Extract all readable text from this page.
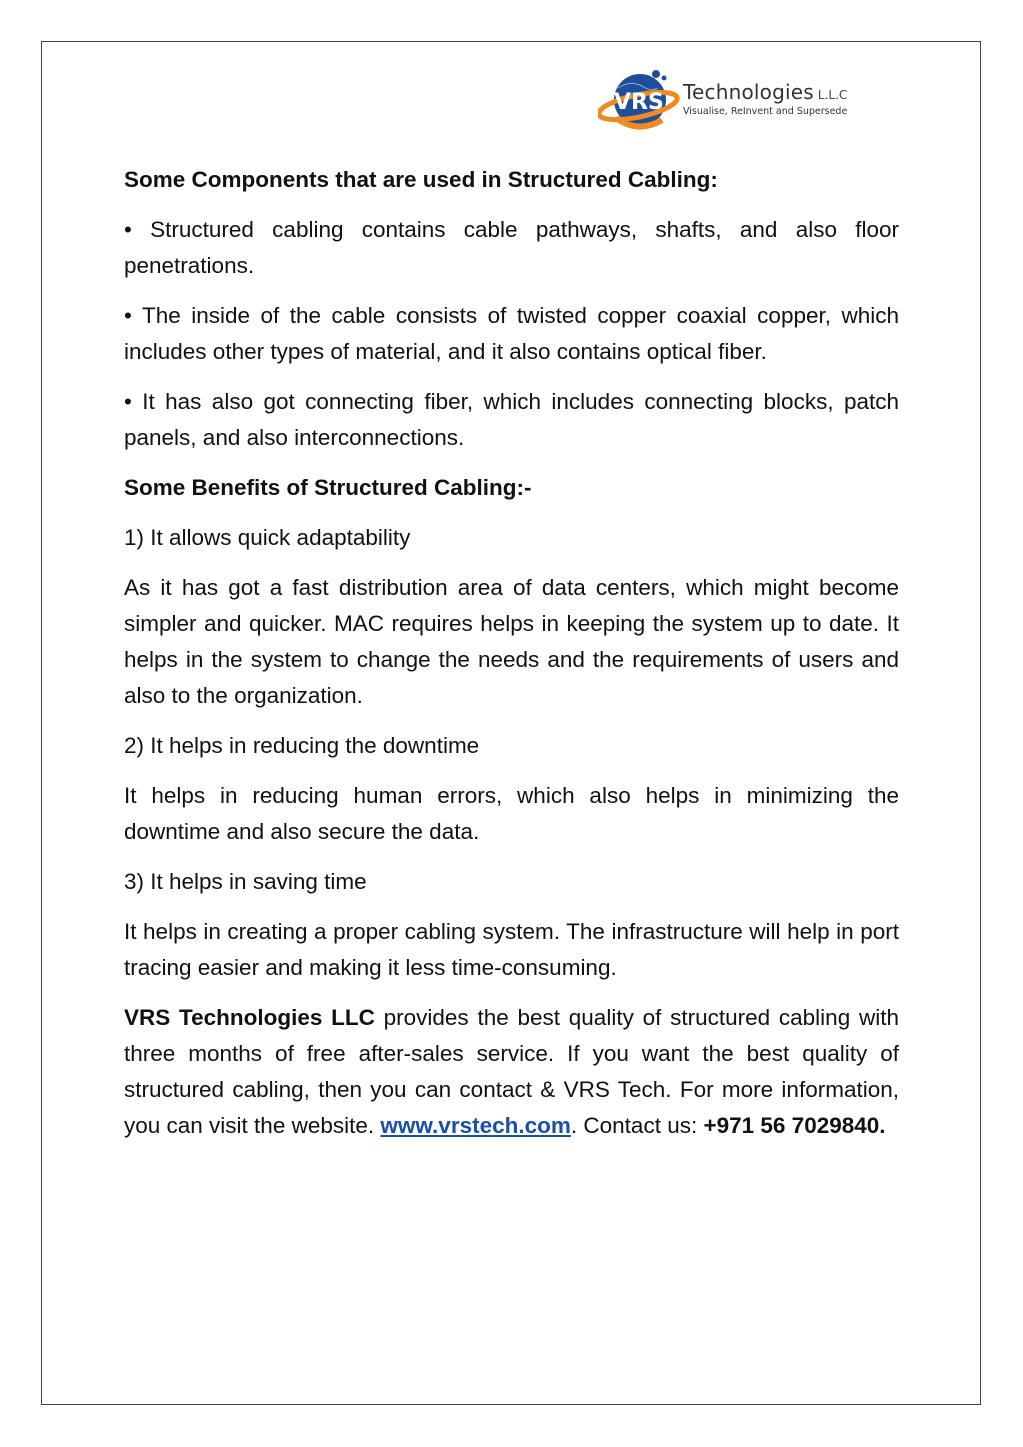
VRS Technologies L.L.C
Visualise, ReInvent and Supersede

Some Components that are used in Structured Cabling:

• Structured cabling contains cable pathways, shafts, and also floor penetrations.

• The inside of the cable consists of twisted copper coaxial copper, which includes other types of material, and it also contains optical fiber.

• It has also got connecting fiber, which includes connecting blocks, patch panels, and also interconnections.

Some Benefits of Structured Cabling:-

1) It allows quick adaptability

As it has got a fast distribution area of data centers, which might become simpler and quicker. MAC requires helps in keeping the system up to date. It helps in the system to change the needs and the requirements of users and also to the organization.

2) It helps in reducing the downtime

It helps in reducing human errors, which also helps in minimizing the downtime and also secure the data.

3) It helps in saving time

It helps in creating a proper cabling system. The infrastructure will help in port tracing easier and making it less time-consuming.

VRS Technologies LLC provides the best quality of structured cabling with three months of free after-sales service. If you want the best quality of structured cabling, then you can contact & VRS Tech. For more information, you can visit the website. www.vrstech.com. Contact us: +971 56 7029840.
